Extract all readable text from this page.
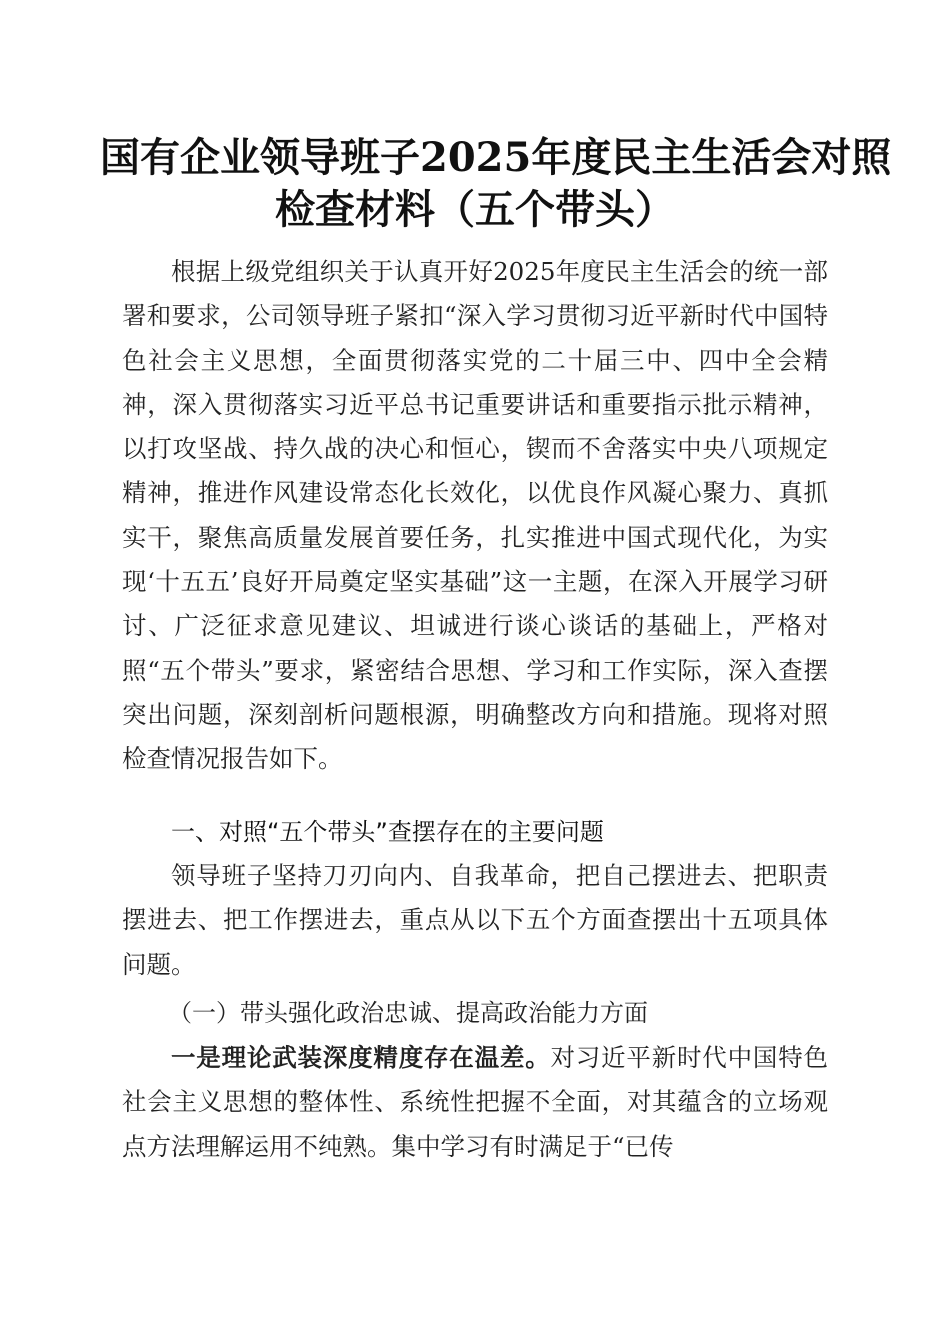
国有企业领导班子2025年度民主生活会对照
检查材料（五个带头）

根据上级党组织关于认真开好2025年度民主生活会的统一部署和要求，公司领导班子紧扣“深入学习贯彻习近平新时代中国特色社会主义思想，全面贯彻落实党的二十届三中、四中全会精神，深入贯彻落实习近平总书记重要讲话和重要指示批示精神，以打攻坚战、持久战的决心和恒心，锲而不舍落实中央八项规定精神，推进作风建设常态化长效化，以优良作风凝心聚力、真抓实干，聚焦高质量发展首要任务，扎实推进中国式现代化，为实现‘十五五’良好开局奠定坚实基础”这一主题，在深入开展学习研讨、广泛征求意见建议、坦诚进行谈心谈话的基础上，严格对照“五个带头”要求，紧密结合思想、学习和工作实际，深入查摆突出问题，深刻剖析问题根源，明确整改方向和措施。现将对照检查情况报告如下。

一、对照“五个带头”查摆存在的主要问题

领导班子坚持刀刃向内、自我革命，把自己摆进去、把职责摆进去、把工作摆进去，重点从以下五个方面查摆出十五项具体问题。

（一）带头强化政治忠诚、提高政治能力方面

一是理论武装深度精度存在温差。对习近平新时代中国特色社会主义思想的整体性、系统性把握不全面，对其蕴含的立场观点方法理解运用不纯熟。集中学习有时满足于“已传
